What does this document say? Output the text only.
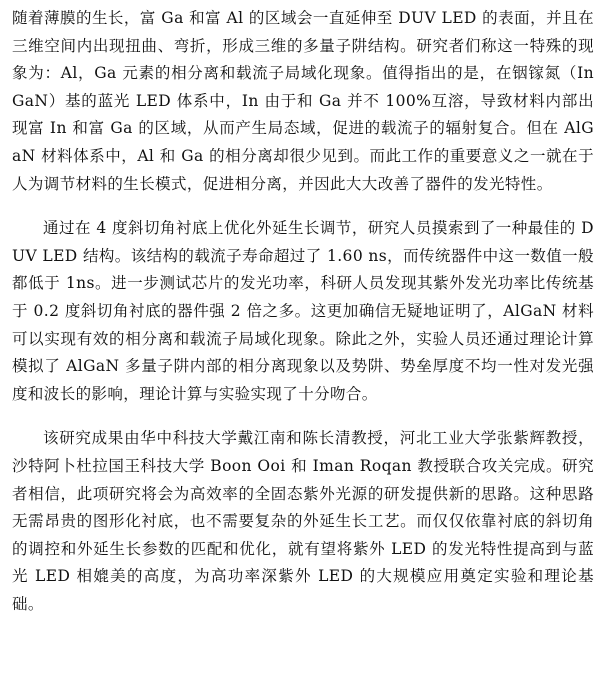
随着薄膜的生长，富 Ga 和富 Al 的区域会一直延伸至 DUV LED 的表面，并且在三维空间内出现扭曲、弯折，形成三维的多量子阱结构。研究者们称这一特殊的现象为：Al，Ga 元素的相分离和载流子局域化现象。值得指出的是，在铟镓氮（InGaN）基的蓝光 LED 体系中，In 由于和 Ga 并不 100%互溶，导致材料内部出现富 In 和富 Ga 的区域，从而产生局态域，促进的载流子的辐射复合。但在 AlGaN 材料体系中，Al 和 Ga 的相分离却很少见到。而此工作的重要意义之一就在于人为调节材料的生长模式，促进相分离，并因此大大改善了器件的发光特性。

通过在 4 度斜切角衬底上优化外延生长调节，研究人员摸索到了一种最佳的 DUV LED 结构。该结构的载流子寿命超过了 1.60 ns，而传统器件中这一数值一般都低于 1ns。进一步测试芯片的发光功率，科研人员发现其紫外发光功率比传统基于 0.2 度斜切角衬底的器件强 2 倍之多。这更加确信无疑地证明了，AlGaN 材料可以实现有效的相分离和载流子局域化现象。除此之外，实验人员还通过理论计算模拟了 AlGaN 多量子阱内部的相分离现象以及势阱、势垒厚度不均一性对发光强度和波长的影响，理论计算与实验实现了十分吻合。

该研究成果由华中科技大学戴江南和陈长清教授，河北工业大学张紫辉教授，沙特阿卜杜拉国王科技大学 Boon Ooi 和 Iman Roqan 教授联合攻关完成。研究者相信，此项研究将会为高效率的全固态紫外光源的研发提供新的思路。这种思路无需昂贵的图形化衬底，也不需要复杂的外延生长工艺。而仅仅依靠衬底的斜切角的调控和外延生长参数的匹配和优化，就有望将紫外 LED 的发光特性提高到与蓝光 LED 相媲美的高度，为高功率深紫外 LED 的大规模应用奠定实验和理论基础。
